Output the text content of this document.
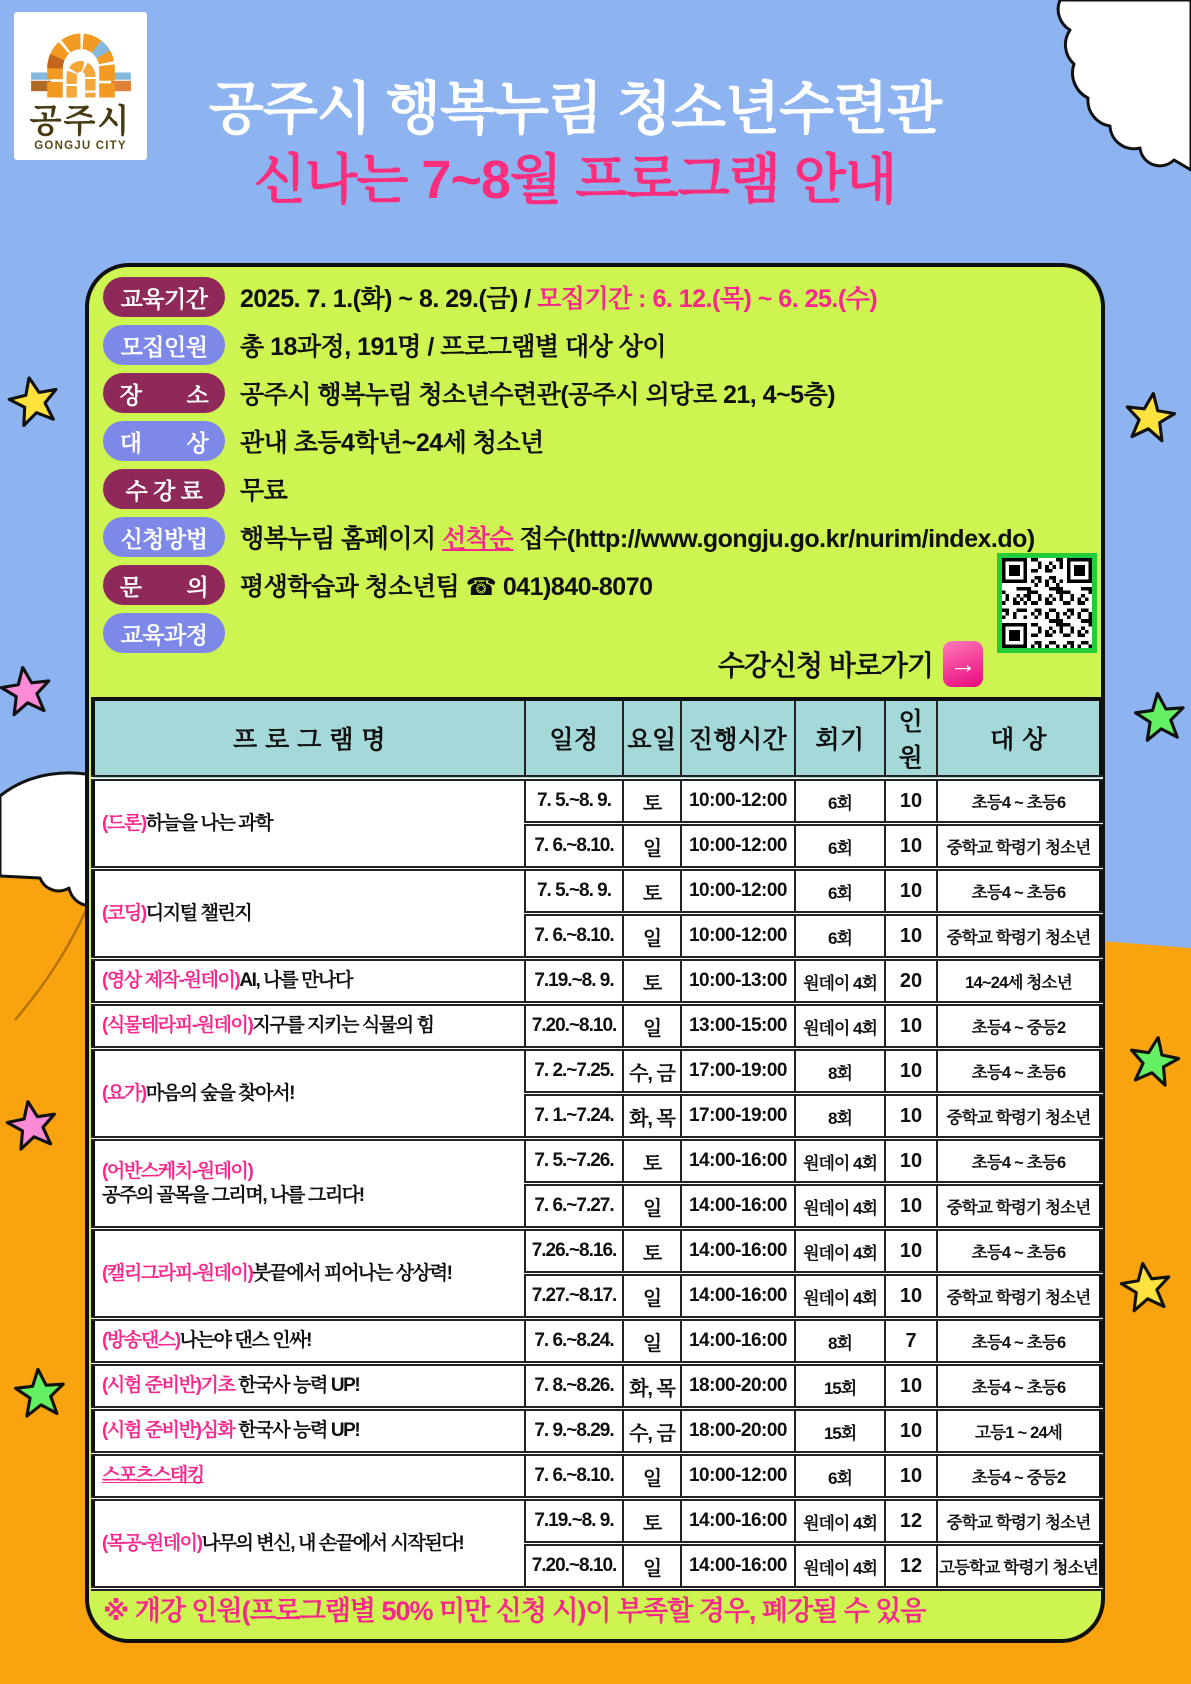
공주시
GONGJU CITY
공주시 행복누림 청소년수련관
신나는 7~8월 프로그램 안내
교육기간	2025. 7. 1.(화) ~ 8. 29.(금) / 모집기간 : 6. 12.(목) ~ 6. 25.(수)
모집인원	총 18과정, 191명 / 프로그램별 대상 상이
장　　소	공주시 행복누림 청소년수련관(공주시 의당로 21, 4~5층)
대　　상	관내 초등4학년~24세 청소년
수 강 료	무료
신청방법	행복누림 홈페이지 선착순 접수(http://www.gongju.go.kr/nurim/index.do)
문　　의	평생학습과 청소년팀 ☎ 041)840-8070
교육과정
수강신청 바로가기 →
프 로 그 램 명	일정	요일	진행시간	회기	인원	대 상
(드론)하늘을 나는 과학	7. 5.~8. 9.	토	10:00-12:00	6회	10	초등4 ~ 초등6
	7. 6.~8.10.	일	10:00-12:00	6회	10	중학교 학령기 청소년
(코딩)디지털 챌린지	7. 5.~8. 9.	토	10:00-12:00	6회	10	초등4 ~ 초등6
	7. 6.~8.10.	일	10:00-12:00	6회	10	중학교 학령기 청소년
(영상 제작-원데이)AI, 나를 만나다	7.19.~8. 9.	토	10:00-13:00	원데이 4회	20	14~24세 청소년
(식물테라피-원데이)지구를 지키는 식물의 힘	7.20.~8.10.	일	13:00-15:00	원데이 4회	10	초등4 ~ 중등2
(요가)마음의 숲을 찾아서!	7. 2.~7.25.	수, 금	17:00-19:00	8회	10	초등4 ~ 초등6
	7. 1.~7.24.	화, 목	17:00-19:00	8회	10	중학교 학령기 청소년
(어반스케치-원데이)
공주의 골목을 그리며, 나를 그리다!	7. 5.~7.26.	토	14:00-16:00	원데이 4회	10	초등4 ~ 초등6
	7. 6.~7.27.	일	14:00-16:00	원데이 4회	10	중학교 학령기 청소년
(캘리그라피-원데이)붓끝에서 피어나는 상상력!	7.26.~8.16.	토	14:00-16:00	원데이 4회	10	초등4 ~ 초등6
	7.27.~8.17.	일	14:00-16:00	원데이 4회	10	중학교 학령기 청소년
(방송댄스)나는야 댄스 인싸!	7. 6.~8.24.	일	14:00-16:00	8회	7	초등4 ~ 초등6
(시험 준비반)기초 한국사 능력 UP!	7. 8.~8.26.	화, 목	18:00-20:00	15회	10	초등4 ~ 초등6
(시험 준비반)심화 한국사 능력 UP!	7. 9.~8.29.	수, 금	18:00-20:00	15회	10	고등1 ~ 24세
스포츠스태킹	7. 6.~8.10.	일	10:00-12:00	6회	10	초등4 ~ 중등2
(목공-원데이)나무의 변신, 내 손끝에서 시작된다!	7.19.~8. 9.	토	14:00-16:00	원데이 4회	12	중학교 학령기 청소년
	7.20.~8.10.	일	14:00-16:00	원데이 4회	12	고등학교 학령기 청소년
※ 개강 인원(프로그램별 50% 미만 신청 시)이 부족할 경우, 폐강될 수 있음
